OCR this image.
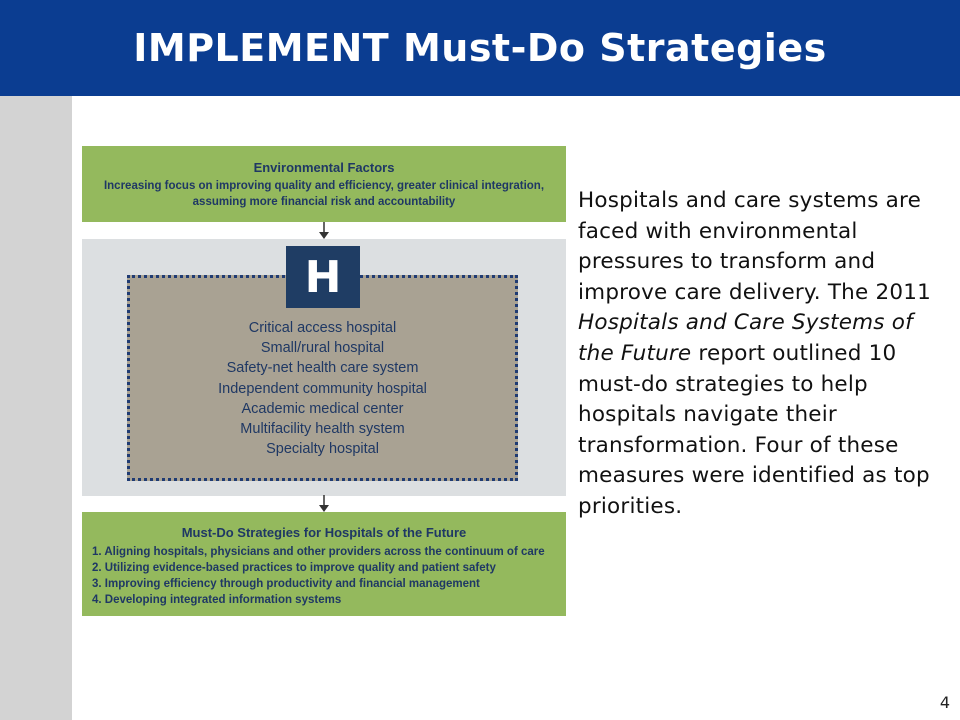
IMPLEMENT Must-Do Strategies
Environmental Factors
Increasing focus on improving quality and efficiency, greater clinical integration,
assuming more financial risk and accountability
H
Critical access hospital
Small/rural hospital
Safety-net health care system
Independent community hospital
Academic medical center
Multifacility health system
Specialty hospital
Must-Do Strategies for Hospitals of the Future
1. Aligning hospitals, physicians and other providers across the continuum of care
2. Utilizing evidence-based practices to improve quality and patient safety
3. Improving efficiency through productivity and financial management
4. Developing integrated information systems
Hospitals and care systems are faced with environmental pressures to transform and improve care delivery. The 2011 Hospitals and Care Systems of the Future report outlined 10 must-do strategies to help hospitals navigate their transformation. Four of these measures were identified as top priorities.
4
